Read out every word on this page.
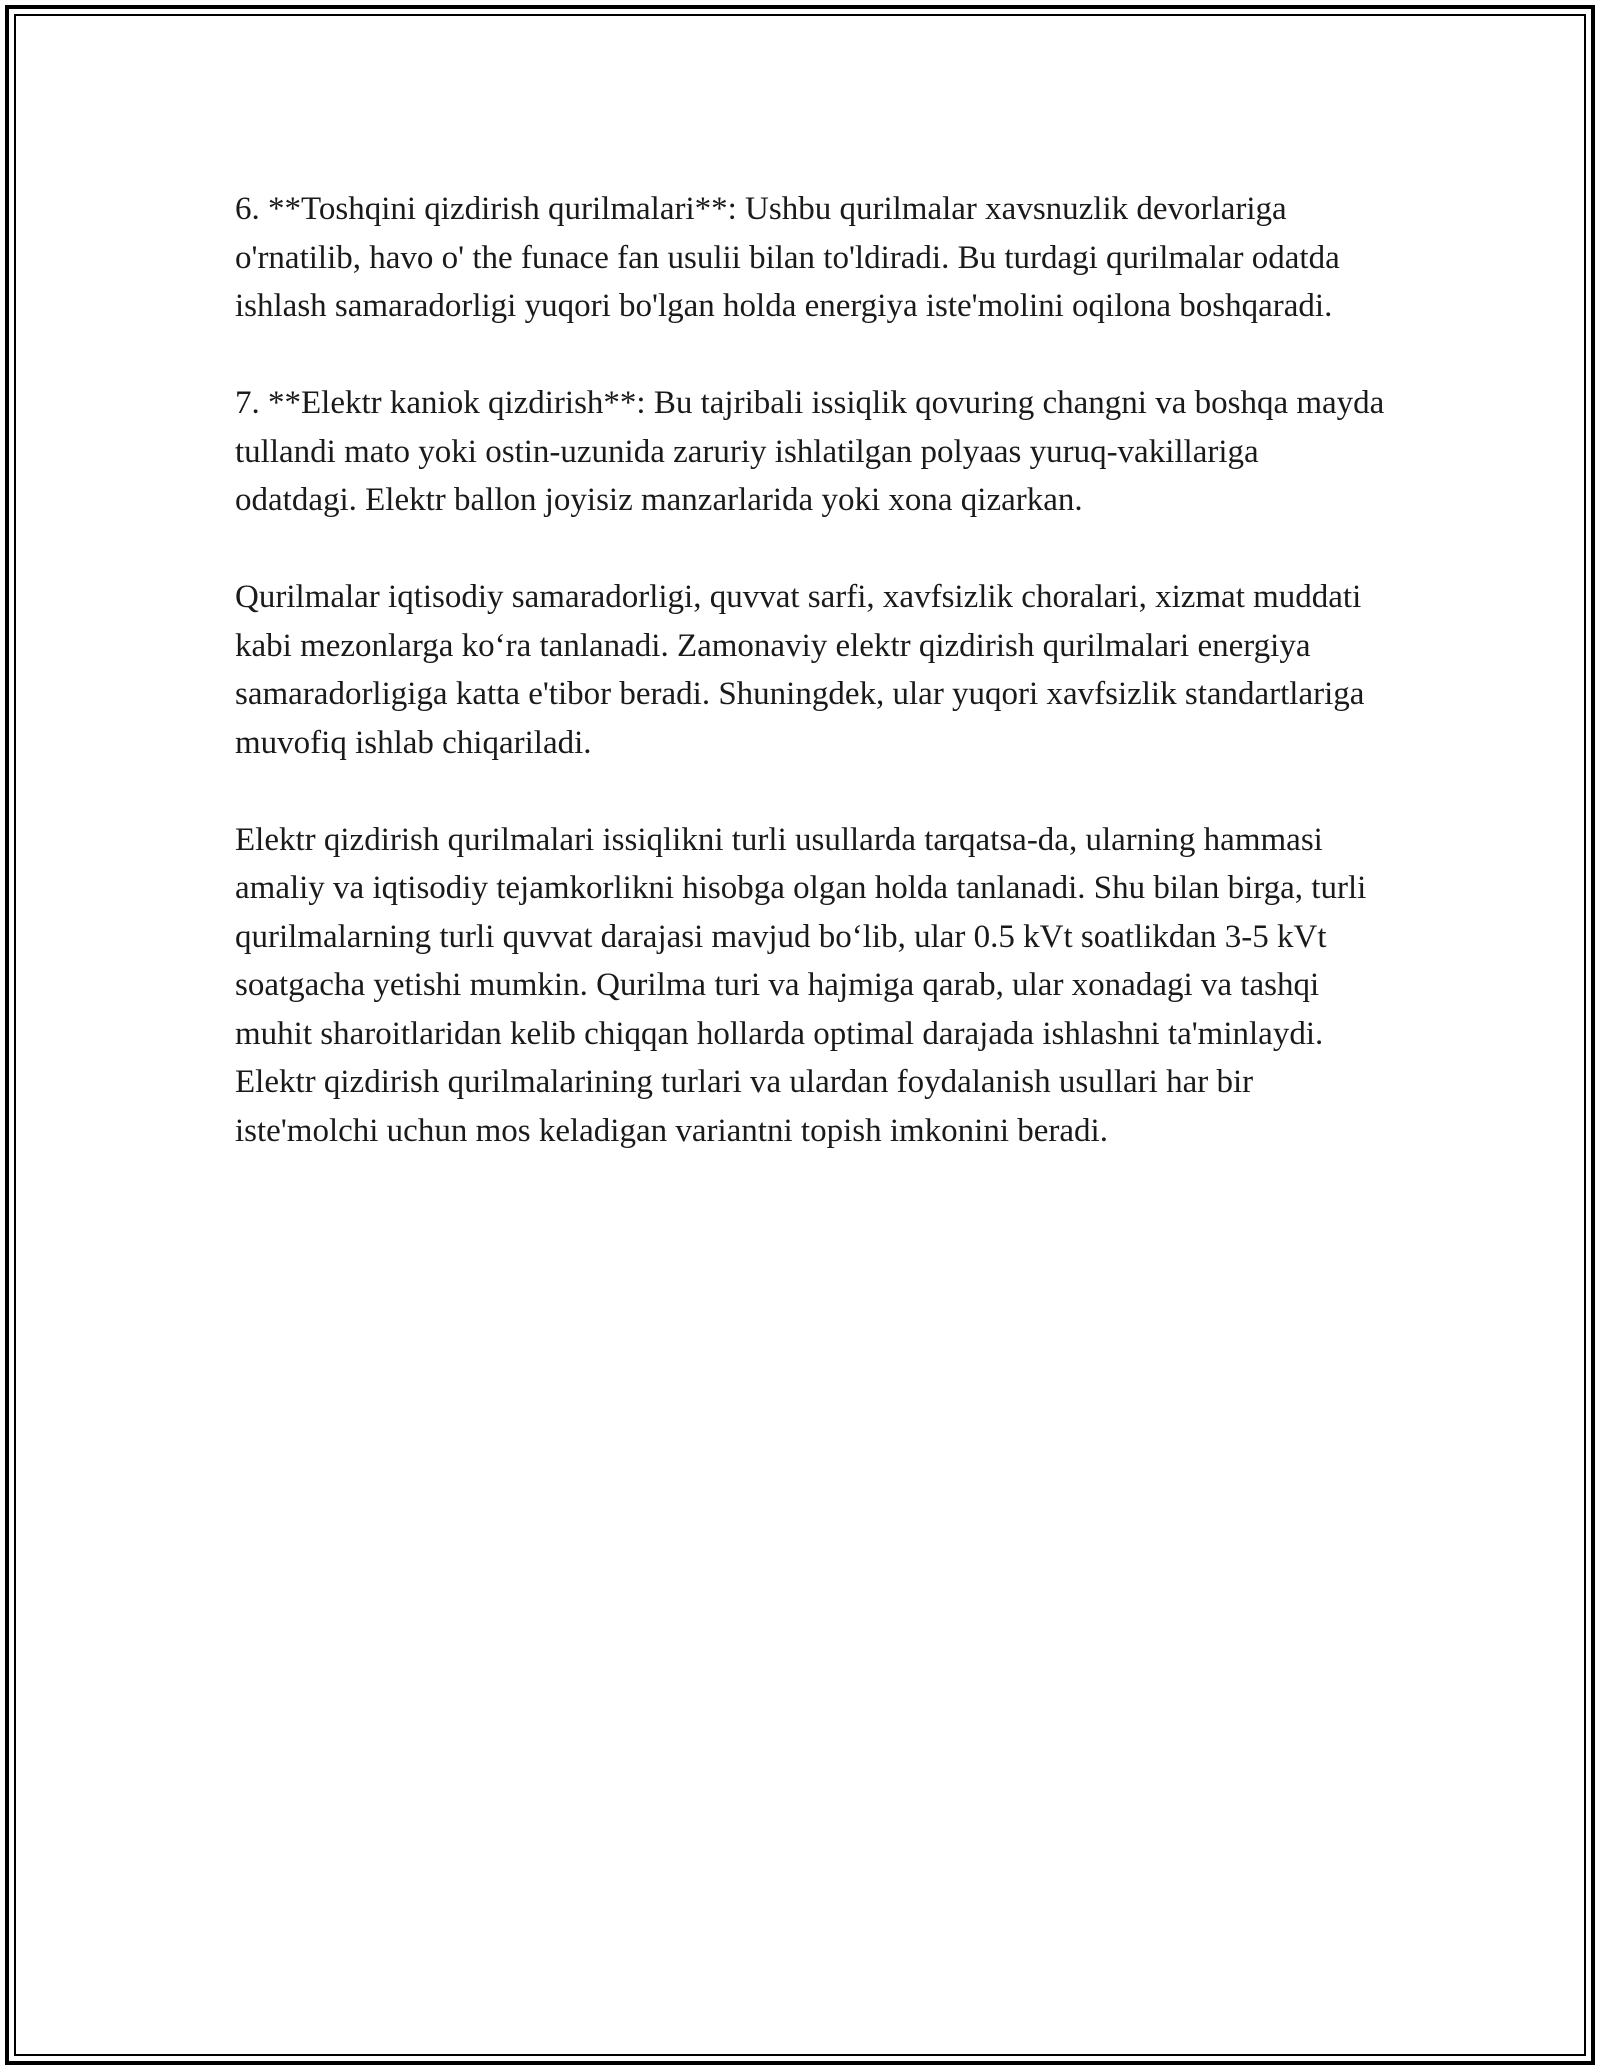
6. **Toshqini qizdirish qurilmalari**: Ushbu qurilmalar xavsnuzlik devorlariga o'rnatilib, havo o' the funace fan usulii bilan to'ldiradi. Bu turdagi qurilmalar odatda ishlash samaradorligi yuqori bo'lgan holda energiya iste'molini oqilona boshqaradi.

7. **Elektr kaniok qizdirish**: Bu tajribali issiqlik qovuring changni va boshqa mayda tullandi mato yoki ostin-uzunida zaruriy ishlatilgan polyaas yuruq-vakillariga odatdagi. Elektr ballon joyisiz manzarlarida yoki xona qizarkan.

Qurilmalar iqtisodiy samaradorligi, quvvat sarfi, xavfsizlik choralari, xizmat muddati kabi mezonlarga ko‘ra tanlanadi. Zamonaviy elektr qizdirish qurilmalari energiya samaradorligiga katta e'tibor beradi. Shuningdek, ular yuqori xavfsizlik standartlariga muvofiq ishlab chiqariladi.

Elektr qizdirish qurilmalari issiqlikni turli usullarda tarqatsa-da, ularning hammasi amaliy va iqtisodiy tejamkorlikni hisobga olgan holda tanlanadi. Shu bilan birga, turli qurilmalarning turli quvvat darajasi mavjud bo‘lib, ular 0.5 kVt soatlikdan 3-5 kVt soatgacha yetishi mumkin. Qurilma turi va hajmiga qarab, ular xonadagi va tashqi muhit sharoitlaridan kelib chiqqan hollarda optimal darajada ishlashni ta'minlaydi. Elektr qizdirish qurilmalarining turlari va ulardan foydalanish usullari har bir iste'molchi uchun mos keladigan variantni topish imkonini beradi.
